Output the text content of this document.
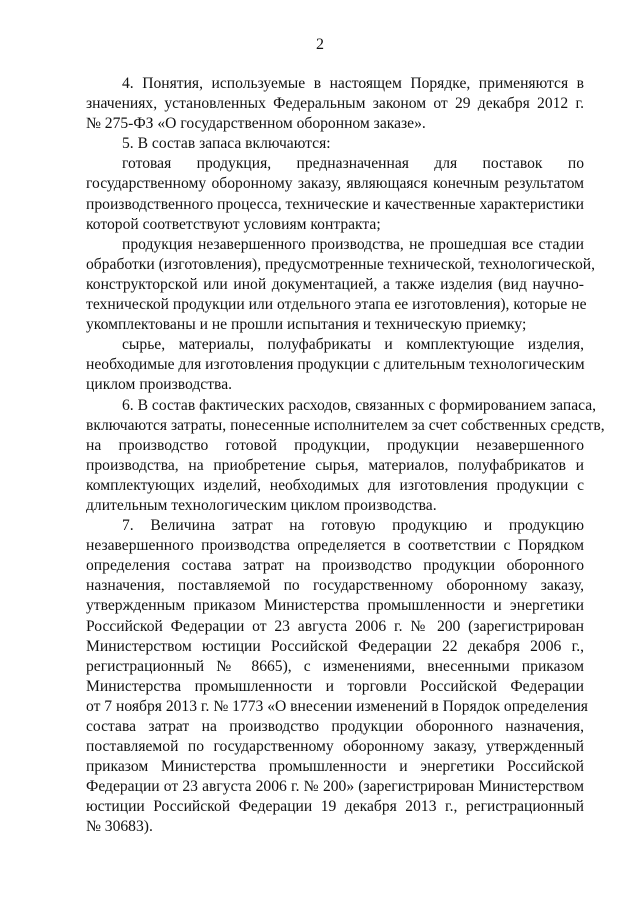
2
4. Понятия, используемые в настоящем Порядке, применяются в
значениях, установленных Федеральным законом от 29 декабря 2012 г.
№ 275-ФЗ «О государственном оборонном заказе».
5. В состав запаса включаются:
готовая продукция, предназначенная для поставок по
государственному оборонному заказу, являющаяся конечным результатом
производственного процесса, технические и качественные характеристики
которой соответствуют условиям контракта;
продукция незавершенного производства, не прошедшая все стадии
обработки (изготовления), предусмотренные технической, технологической,
конструкторской или иной документацией, а также изделия (вид научно-
технической продукции или отдельного этапа ее изготовления), которые не
укомплектованы и не прошли испытания и техническую приемку;
сырье, материалы, полуфабрикаты и комплектующие изделия,
необходимые для изготовления продукции с длительным технологическим
циклом производства.
6. В состав фактических расходов, связанных с формированием запаса,
включаются затраты, понесенные исполнителем за счет собственных средств,
на производство готовой продукции, продукции незавершенного
производства, на приобретение сырья, материалов, полуфабрикатов и
комплектующих изделий, необходимых для изготовления продукции с
длительным технологическим циклом производства.
7. Величина затрат на готовую продукцию и продукцию
незавершенного производства определяется в соответствии с Порядком
определения состава затрат на производство продукции оборонного
назначения, поставляемой по государственному оборонному заказу,
утвержденным приказом Министерства промышленности и энергетики
Российской Федерации от 23 августа 2006 г. № 200 (зарегистрирован
Министерством юстиции Российской Федерации 22 декабря 2006 г.,
регистрационный № 8665), с изменениями, внесенными приказом
Министерства промышленности и торговли Российской Федерации
от 7 ноября 2013 г. № 1773 «О внесении изменений в Порядок определения
состава затрат на производство продукции оборонного назначения,
поставляемой по государственному оборонному заказу, утвержденный
приказом Министерства промышленности и энергетики Российской
Федерации от 23 августа 2006 г. № 200» (зарегистрирован Министерством
юстиции Российской Федерации 19 декабря 2013 г., регистрационный
№ 30683).
